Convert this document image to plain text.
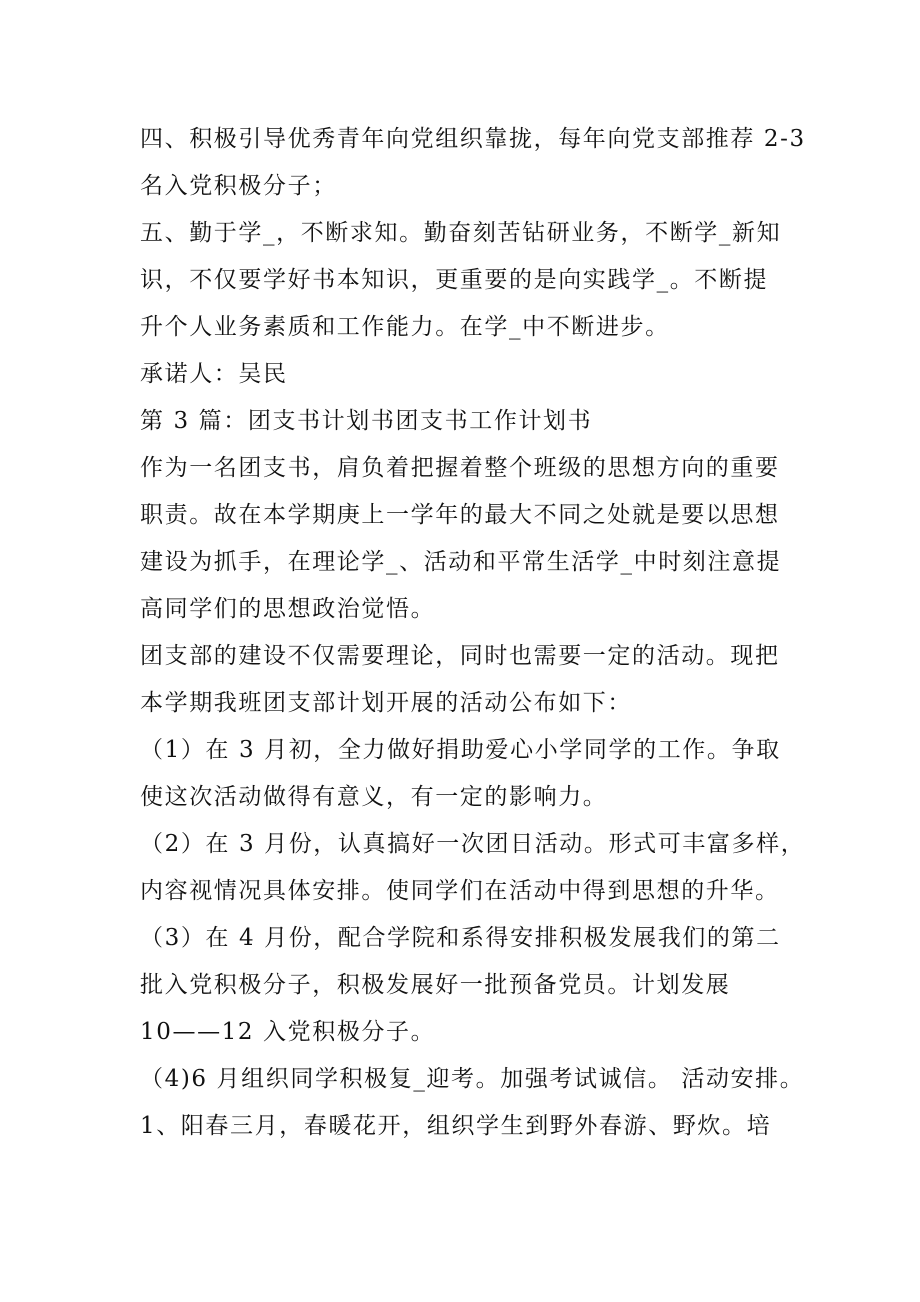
四、积极引导优秀青年向党组织靠拢，每年向党支部推荐 2-3
名入党积极分子；
五、勤于学_，不断求知。勤奋刻苦钻研业务，不断学_新知
识，不仅要学好书本知识，更重要的是向实践学_。不断提
升个人业务素质和工作能力。在学_中不断进步。
承诺人：吴民
第 3 篇：团支书计划书团支书工作计划书
作为一名团支书，肩负着把握着整个班级的思想方向的重要
职责。故在本学期庚上一学年的最大不同之处就是要以思想
建设为抓手，在理论学_、活动和平常生活学_中时刻注意提
高同学们的思想政治觉悟。
团支部的建设不仅需要理论，同时也需要一定的活动。现把
本学期我班团支部计划开展的活动公布如下：
（1）在 3 月初，全力做好捐助爱心小学同学的工作。争取
使这次活动做得有意义，有一定的影响力。
（2）在 3 月份，认真搞好一次团日活动。形式可丰富多样，
内容视情况具体安排。使同学们在活动中得到思想的升华。
（3）在 4 月份，配合学院和系得安排积极发展我们的第二
批入党积极分子，积极发展好一批预备党员。计划发展
10——12 入党积极分子。
（4)6 月组织同学积极复_迎考。加强考试诚信。 活动安排。
1、阳春三月，春暖花开，组织学生到野外春游、野炊。培
